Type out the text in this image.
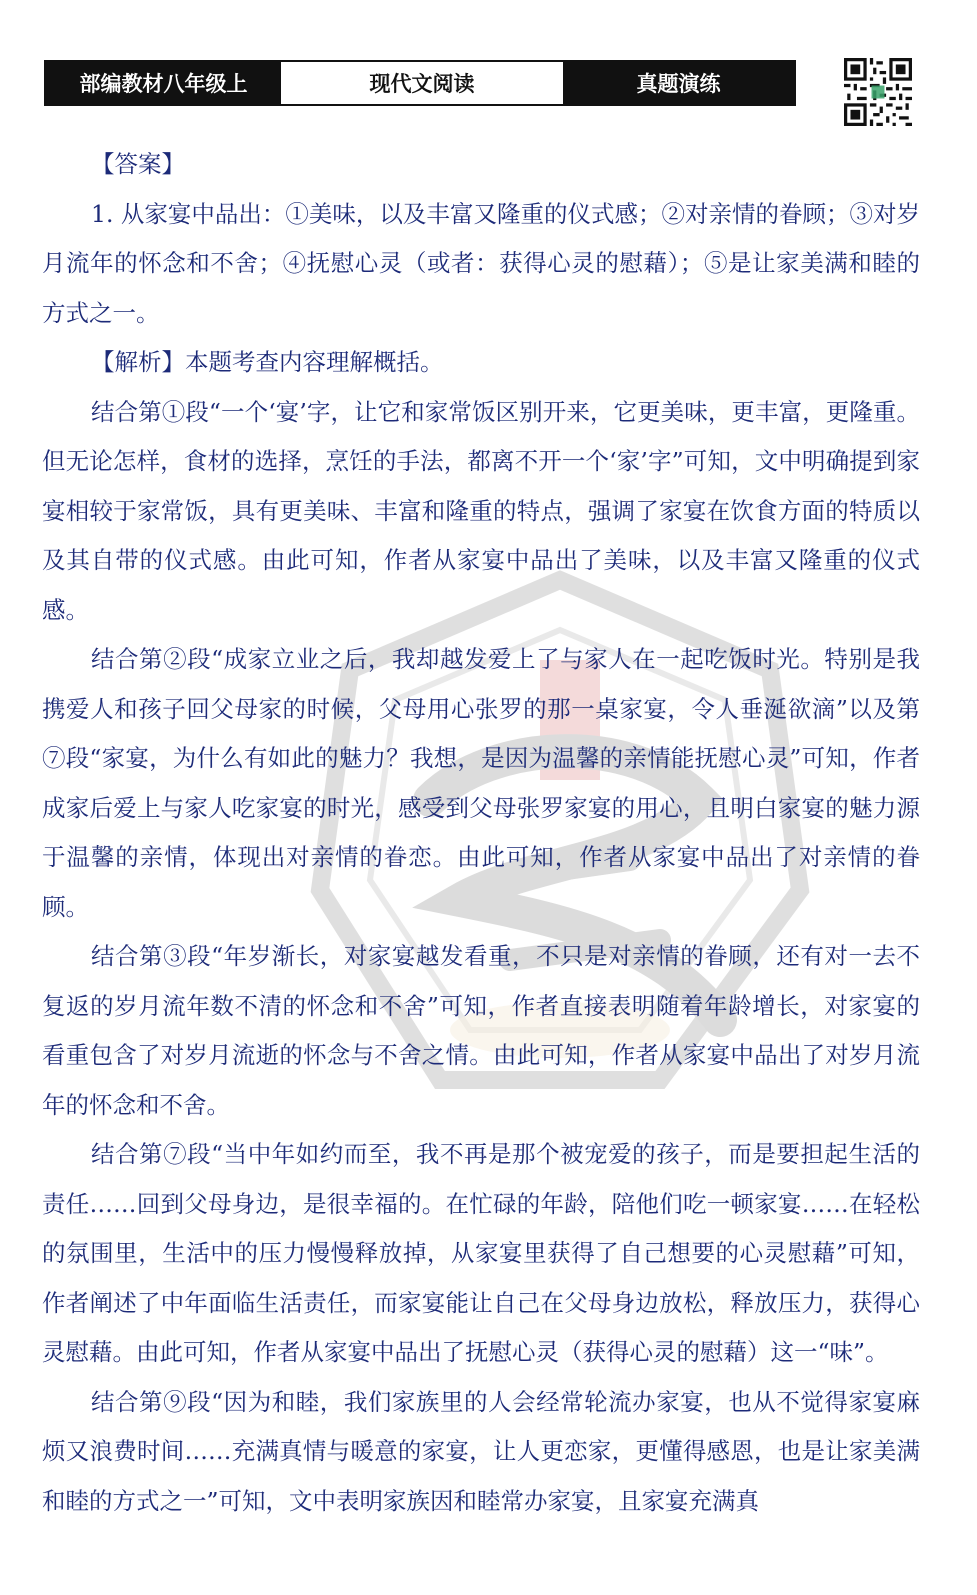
部编教材八年级上	现代文阅读	真题演练

【答案】

1. 从家宴中品出：①美味，以及丰富又隆重的仪式感；②对亲情的眷顾；③对岁月流年的怀念和不舍；④抚慰心灵（或者：获得心灵的慰藉）；⑤是让家美满和睦的方式之一。

【解析】本题考查内容理解概括。

结合第①段“一个‘宴’字，让它和家常饭区别开来，它更美味，更丰富，更隆重。但无论怎样，食材的选择，烹饪的手法，都离不开一个‘家’字”可知，文中明确提到家宴相较于家常饭，具有更美味、丰富和隆重的特点，强调了家宴在饮食方面的特质以及其自带的仪式感。由此可知，作者从家宴中品出了美味，以及丰富又隆重的仪式感。

结合第②段“成家立业之后，我却越发爱上了与家人在一起吃饭时光。特别是我携爱人和孩子回父母家的时候，父母用心张罗的那一桌家宴，令人垂涎欲滴”以及第⑦段“家宴，为什么有如此的魅力？我想，是因为温馨的亲情能抚慰心灵”可知，作者成家后爱上与家人吃家宴的时光，感受到父母张罗家宴的用心，且明白家宴的魅力源于温馨的亲情，体现出对亲情的眷恋。由此可知，作者从家宴中品出了对亲情的眷顾。

结合第③段“年岁渐长，对家宴越发看重，不只是对亲情的眷顾，还有对一去不复返的岁月流年数不清的怀念和不舍”可知，作者直接表明随着年龄增长，对家宴的看重包含了对岁月流逝的怀念与不舍之情。由此可知，作者从家宴中品出了对岁月流年的怀念和不舍。

结合第⑦段“当中年如约而至，我不再是那个被宠爱的孩子，而是要担起生活的责任……回到父母身边，是很幸福的。在忙碌的年龄，陪他们吃一顿家宴……在轻松的氛围里，生活中的压力慢慢释放掉，从家宴里获得了自己想要的心灵慰藉”可知，作者阐述了中年面临生活责任，而家宴能让自己在父母身边放松，释放压力，获得心灵慰藉。由此可知，作者从家宴中品出了抚慰心灵（获得心灵的慰藉）这一“味”。

结合第⑨段“因为和睦，我们家族里的人会经常轮流办家宴，也从不觉得家宴麻烦又浪费时间……充满真情与暖意的家宴，让人更恋家，更懂得感恩，也是让家美满和睦的方式之一”可知，文中表明家族因和睦常办家宴，且家宴充满真
